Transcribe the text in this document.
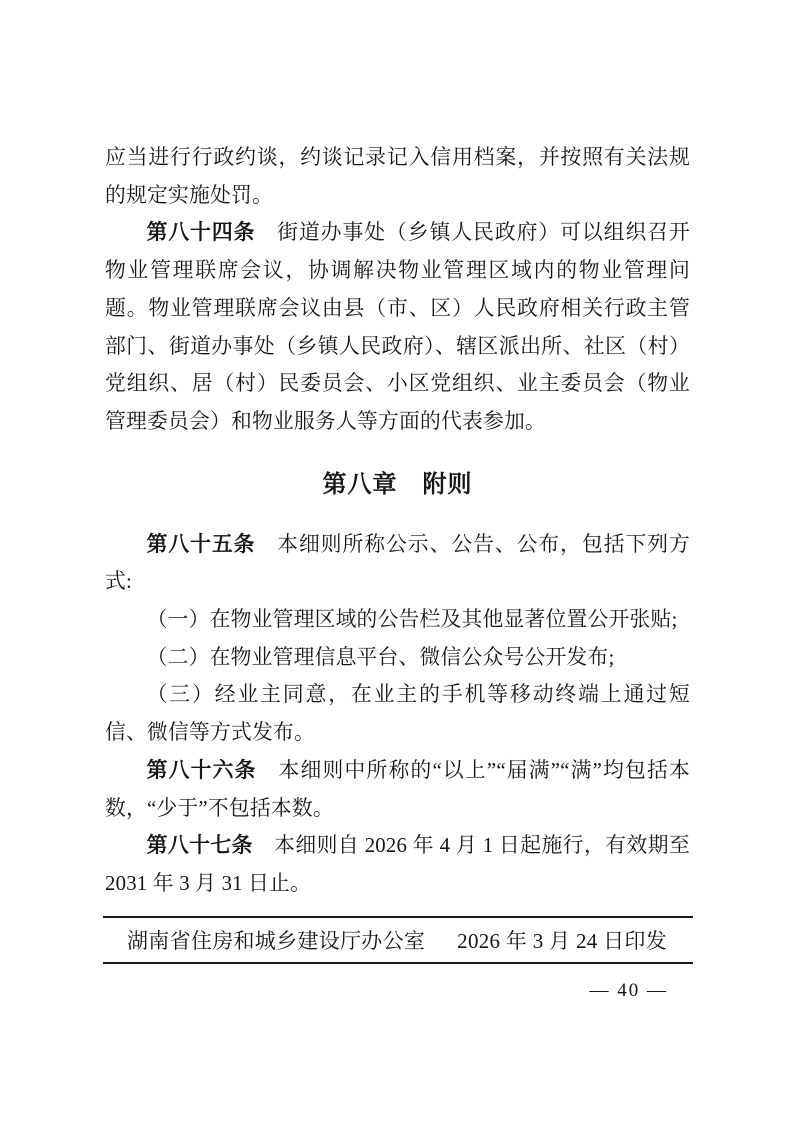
应当进行行政约谈，约谈记录记入信用档案，并按照有关法规的规定实施处罚。

第八十四条　街道办事处（乡镇人民政府）可以组织召开物业管理联席会议，协调解决物业管理区域内的物业管理问题。物业管理联席会议由县（市、区）人民政府相关行政主管部门、街道办事处（乡镇人民政府）、辖区派出所、社区（村）党组织、居（村）民委员会、小区党组织、业主委员会（物业管理委员会）和物业服务人等方面的代表参加。

第八章　附则

第八十五条　本细则所称公示、公告、公布，包括下列方式:

（一）在物业管理区域的公告栏及其他显著位置公开张贴;

（二）在物业管理信息平台、微信公众号公开发布;

（三）经业主同意，在业主的手机等移动终端上通过短信、微信等方式发布。

第八十六条　本细则中所称的“以上”“届满”“满”均包括本数，“少于”不包括本数。

第八十七条　本细则自 2026 年 4 月 1 日起施行，有效期至 2031 年 3 月 31 日止。

湖南省住房和城乡建设厅办公室 2026 年 3 月 24 日印发
— 40 —
